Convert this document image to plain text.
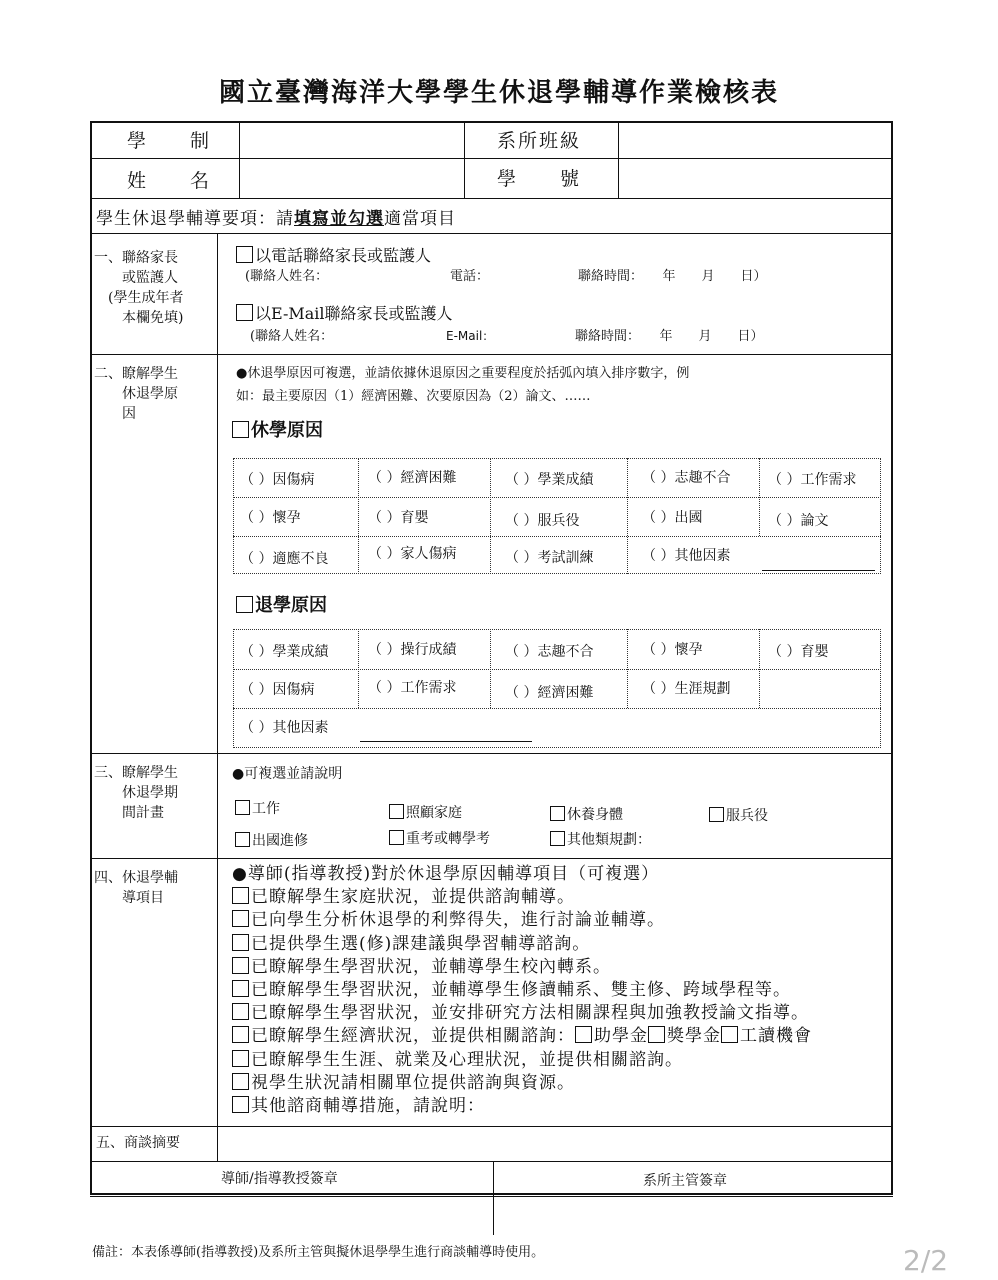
國立臺灣海洋大學學生休退學輔導作業檢核表
學　　制	系所班級
姓　　名	學　　號
學生休退學輔導要項：請填寫並勾選適當項目
一、聯絡家長
　　或監護人
　(學生成年者
　　本欄免填)
以電話聯絡家長或監護人
(聯絡人姓名：	電話：	聯絡時間：　　年　　月　　日）
以E-Mail聯絡家長或監護人
(聯絡人姓名：	E-Mail：	聯絡時間：　　年　　月　　日）
二、瞭解學生
　　休退學原
　　因
●休退學原因可複選，並請依據休退原因之重要程度於括弧內填入排序數字，例
如：最主要原因（1）經濟困難、次要原因為（2）論文、……
休學原因
（ ）因傷病	（ ）經濟困難	（ ）學業成績	（ ）志趣不合	（ ）工作需求
（ ）懷孕	（ ）育嬰	（ ）服兵役	（ ）出國	（ ）論文
（ ）適應不良	（ ）家人傷病	（ ）考試訓練	（ ）其他因素
退學原因
（ ）學業成績	（ ）操行成績	（ ）志趣不合	（ ）懷孕	（ ）育嬰
（ ）因傷病	（ ）工作需求	（ ）經濟困難	（ ）生涯規劃
（ ）其他因素
三、瞭解學生
　　休退學期
　　間計畫
●可複選並請說明
工作	照顧家庭	休養身體	服兵役
出國進修	重考或轉學考	其他類規劃：
四、休退學輔
　　導項目
●導師(指導教授)對於休退學原因輔導項目（可複選）
已瞭解學生家庭狀況，並提供諮詢輔導。
已向學生分析休退學的利弊得失，進行討論並輔導。
已提供學生選(修)課建議與學習輔導諮詢。
已瞭解學生學習狀況，並輔導學生校內轉系。
已瞭解學生學習狀況，並輔導學生修讀輔系、雙主修、跨域學程等。
已瞭解學生學習狀況，並安排研究方法相關課程與加強教授論文指導。
已瞭解學生經濟狀況，並提供相關諮詢： 助學金 獎學金 工讀機會
已瞭解學生生涯、就業及心理狀況，並提供相關諮詢。
視學生狀況請相關單位提供諮詢與資源。
其他諮商輔導措施，請說明：
五、商談摘要
導師/指導教授簽章	系所主管簽章
備註：本表係導師(指導教授)及系所主管與擬休退學學生進行商談輔導時使用。	2/2
